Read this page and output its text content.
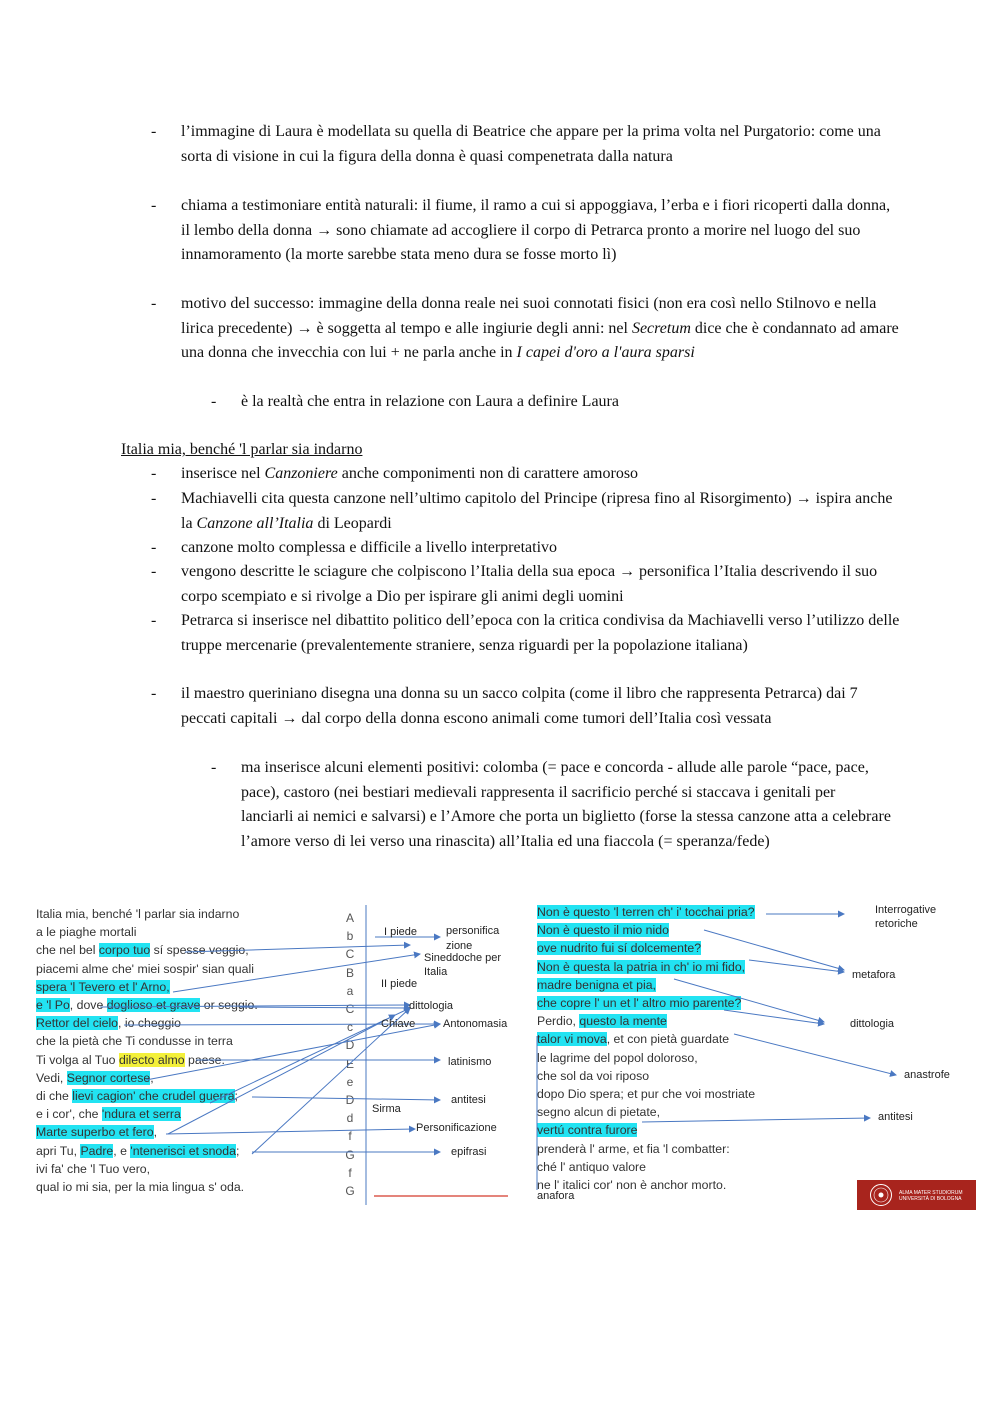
- l’immagine di Laura è modellata su quella di Beatrice che appare per la prima volta nel Purgatorio: come una sorta di visione in cui la figura della donna è quasi compenetrata dalla natura
- chiama a testimoniare entità naturali: il fiume, il ramo a cui si appoggiava, l’erba e i fiori ricoperti dalla donna, il lembo della donna → sono chiamate ad accogliere il corpo di Petrarca pronto a morire nel luogo del suo innamoramento (la morte sarebbe stata meno dura se fosse morto lì)
- motivo del successo: immagine della donna reale nei suoi connotati fisici (non era così nello Stilnovo e nella lirica precedente) → è soggetta al tempo e alle ingiurie degli anni: nel Secretum dice che è condannato ad amare una donna che invecchia con lui + ne parla anche in I capei d'oro a l'aura sparsi
- è la realtà che entra in relazione con Laura a definire Laura
Italia mia, benché 'l parlar sia indarno
- inserisce nel Canzoniere anche componimenti non di carattere amoroso
- Machiavelli cita questa canzone nell’ultimo capitolo del Principe (ripresa fino al Risorgimento) → ispira anche la Canzone all’Italia di Leopardi
- canzone molto complessa e difficile a livello interpretativo
- vengono descritte le sciagure che colpiscono l’Italia della sua epoca → personifica l’Italia descrivendo il suo corpo scempiato e si rivolge a Dio per ispirare gli animi degli uomini
- Petrarca si inserisce nel dibattito politico dell’epoca con la critica condivisa da Machiavelli verso l’utilizzo delle truppe mercenarie (prevalentemente straniere, senza riguardi per la popolazione italiana)
- il maestro queriniano disegna una donna su un sacco colpita (come il libro che rappresenta Petrarca) dai 7 peccati capitali → dal corpo della donna escono animali come tumori dell’Italia così vessata
- ma inserisce alcuni elementi positivi: colomba (= pace e concorda - allude alle parole “pace, pace, pace), castoro (nei bestiari medievali rappresenta il sacrificio perché si staccava i genitali per lanciarli ai nemici e salvarsi) e l’Amore che porta un biglietto (forse la stessa canzone atta a celebrare l’amore verso di lei verso una rinascita) all’Italia ed una fiaccola (= speranza/fede)
Italia mia, benché 'l parlar sia indarno
a le piaghe mortali
che nel bel corpo tuo sí spesse veggio,
piacemi alme che' miei sospir' sian quali
spera 'l Tevero et l' Arno,
e 'l Po, dove doglioso et grave or seggio.
Rettor del cielo, io cheggio
che la pietà che Ti condusse in terra
Ti volga al Tuo dilecto almo paese.
Vedi, Segnor cortese,
di che lievi cagion' che crudel guerra;
e i cor', che 'ndura et serra
Marte superbo et fero,
apri Tu, Padre, e 'ntenerisci et snoda;
ivi fa' che 'l Tuo vero,
qual io mi sia, per la mia lingua s' oda.
A
b
C
B
a
C
c
D
E
e
D
d
f
G
f
G
I piede
II piede
Chiave
Sirma
personifica
zione
Sineddoche per
Italia
dittologia
Antonomasia
latinismo
antitesi
Personificazione
epifrasi
Non è questo 'l terren ch' i' tocchai pria?
Non è questo il mio nido
ove nudrito fui sí dolcemente?
Non è questa la patria in ch' io mi fido,
madre benigna et pia,
che copre l' un et l' altro mio parente?
Perdio, questo la mente
talor vi mova, et con pietà guardate
le lagrime del popol doloroso,
che sol da voi riposo
dopo Dio spera; et pur che voi mostriate
segno alcun di pietate,
vertú contra furore
prenderà l' arme, et fia 'l combatter:
ché l' antiquo valore
ne l' italici cor' non è anchor morto.
Interrogative
retoriche
metafora
dittologia
anastrofe
antitesi
anafora	ALMA MATER STUDIORUM
UNIVERSITÀ DI BOLOGNA
